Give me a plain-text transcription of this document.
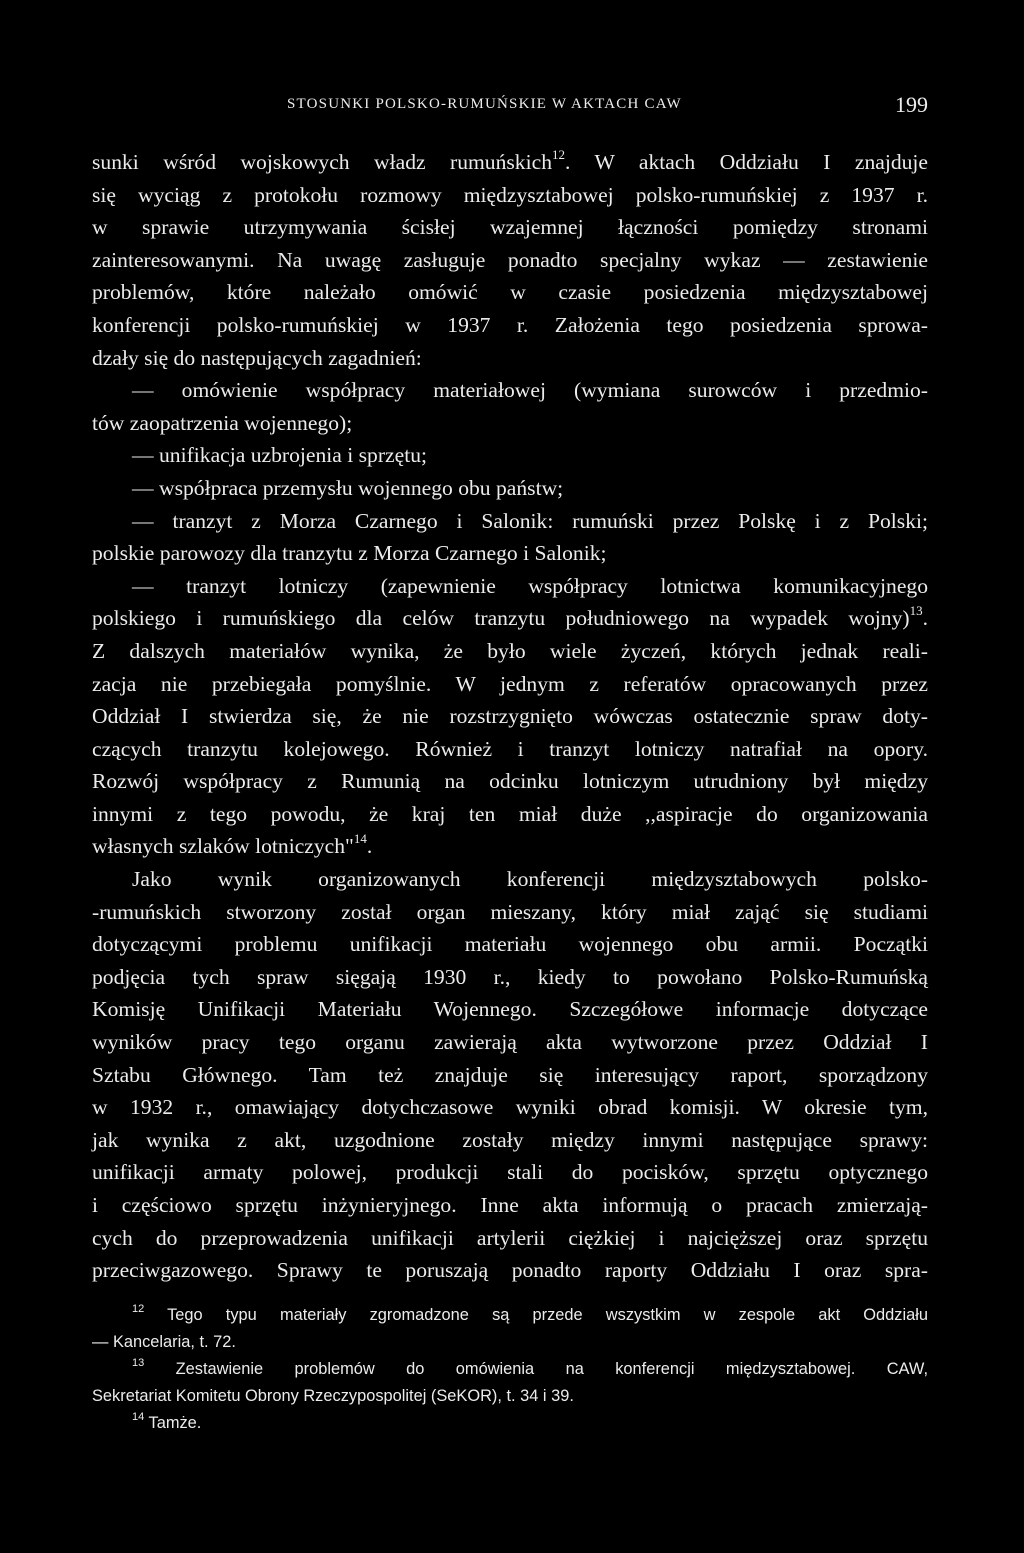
STOSUNKI POLSKO-RUMUŃSKIE W AKTACH CAW	199
sunki wśród wojskowych władz rumuńskich$^{12}$. W aktach Oddziału I znajduje
się wyciąg z protokołu rozmowy międzysztabowej polsko-rumuńskiej z 1937 r.
w sprawie utrzymywania ścisłej wzajemnej łączności pomiędzy stronami
zainteresowanymi. Na uwagę zasługuje ponadto specjalny wykaz — zestawienie
problemów, które należało omówić w czasie posiedzenia międzysztabowej
konferencji polsko-rumuńskiej w 1937 r. Założenia tego posiedzenia sprowa-
dzały się do następujących zagadnień:
— omówienie współpracy materiałowej (wymiana surowców i przedmio-
tów zaopatrzenia wojennego);
— unifikacja uzbrojenia i sprzętu;
— współpraca przemysłu wojennego obu państw;
— tranzyt z Morza Czarnego i Salonik: rumuński przez Polskę i z Polski;
polskie parowozy dla tranzytu z Morza Czarnego i Salonik;
— tranzyt lotniczy (zapewnienie współpracy lotnictwa komunikacyjnego
polskiego i rumuńskiego dla celów tranzytu południowego na wypadek wojny)$^{13}$.
Z dalszych materiałów wynika, że było wiele życzeń, których jednak reali-
zacja nie przebiegała pomyślnie. W jednym z referatów opracowanych przez
Oddział I stwierdza się, że nie rozstrzygnięto wówczas ostatecznie spraw doty-
czących tranzytu kolejowego. Również i tranzyt lotniczy natrafiał na opory.
Rozwój współpracy z Rumunią na odcinku lotniczym utrudniony był między
innymi z tego powodu, że kraj ten miał duże ,,aspiracje do organizowania
własnych szlaków lotniczych"$^{14}$.
Jako wynik organizowanych konferencji międzysztabowych polsko-
-rumuńskich stworzony został organ mieszany, który miał zająć się studiami
dotyczącymi problemu unifikacji materiału wojennego obu armii. Początki
podjęcia tych spraw sięgają 1930 r., kiedy to powołano Polsko-Rumuńską
Komisję Unifikacji Materiału Wojennego. Szczegółowe informacje dotyczące
wyników pracy tego organu zawierają akta wytworzone przez Oddział I
Sztabu Głównego. Tam też znajduje się interesujący raport, sporządzony
w 1932 r., omawiający dotychczasowe wyniki obrad komisji. W okresie tym,
jak wynika z akt, uzgodnione zostały między innymi następujące sprawy:
unifikacji armaty polowej, produkcji stali do pocisków, sprzętu optycznego
i częściowo sprzętu inżynieryjnego. Inne akta informują o pracach zmierzają-
cych do przeprowadzenia unifikacji artylerii ciężkiej i najcięższej oraz sprzętu
przeciwgazowego. Sprawy te poruszają ponadto raporty Oddziału I oraz spra-
$^{12}$ Tego typu materiały zgromadzone są przede wszystkim w zespole akt Oddziału
— Kancelaria, t. 72.
$^{13}$ Zestawienie problemów do omówienia na konferencji międzysztabowej. CAW,
Sekretariat Komitetu Obrony Rzeczypospolitej (SeKOR), t. 34 i 39.
$^{14}$ Tamże.
